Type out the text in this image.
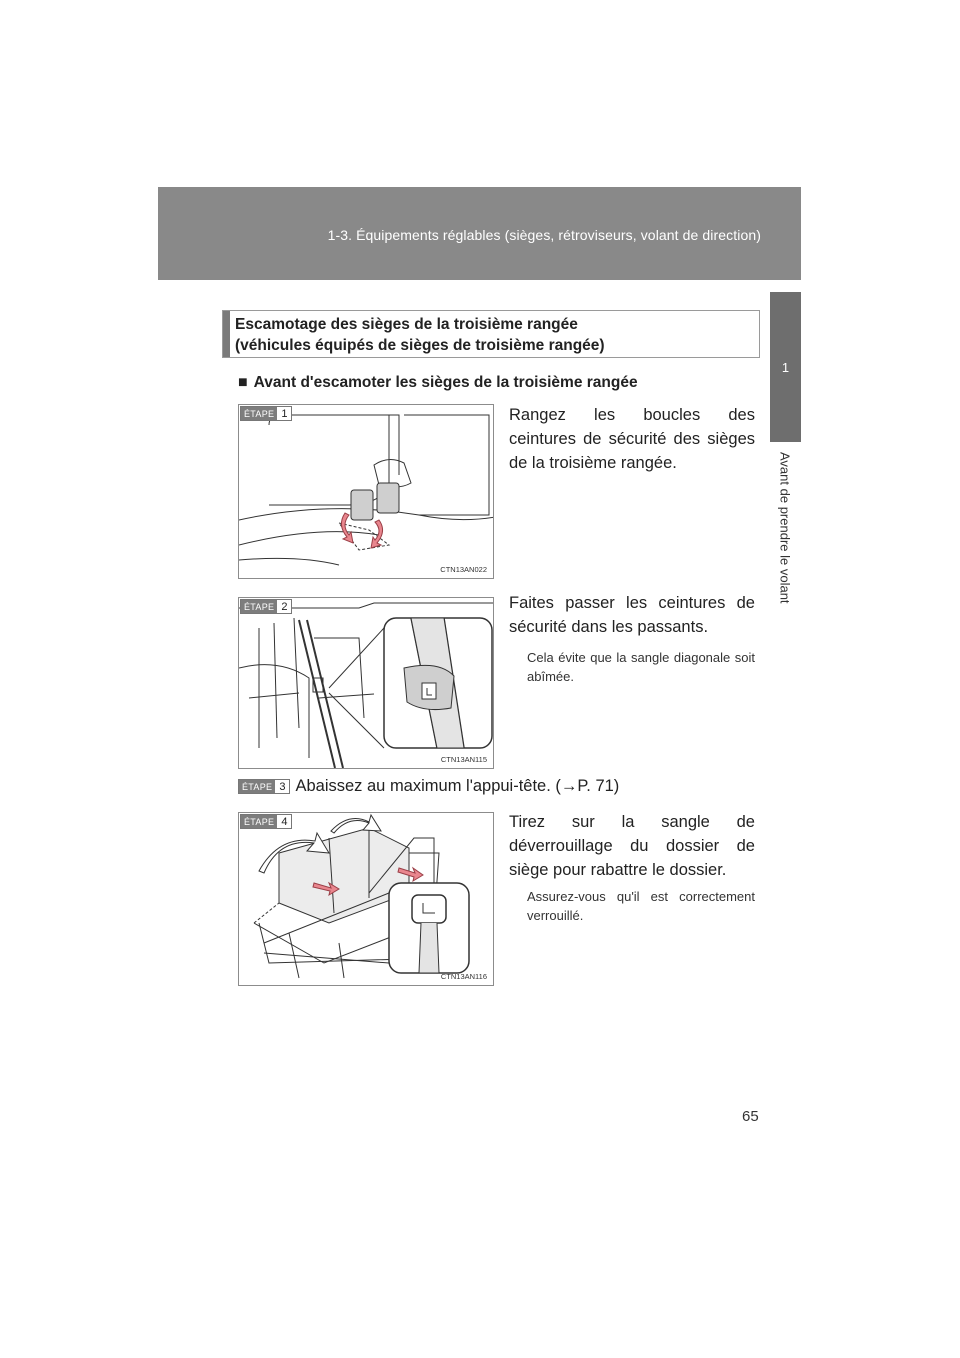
1-3. Équipements réglables (sièges, rétroviseurs, volant de direction)
1
Avant de prendre le volant
Escamotage des sièges de la troisième rangée
(véhicules équipés de sièges de troisième rangée)
■ Avant d'escamoter les sièges de la troisième rangée
ÉTAPE 1
CTN13AN022
Rangez les boucles des ceintures de sécurité des sièges de la troisième rangée.
ÉTAPE 2
CTN13AN115
Faites passer les ceintures de sécurité dans les passants.
Cela évite que la sangle diagonale soit abîmée.
ÉTAPE 3 Abaissez au maximum l'appui-tête. (→P. 71)
ÉTAPE 4
CTN13AN116
Tirez sur la sangle de déverrouillage du dossier de siège pour rabattre le dossier.
Assurez-vous qu'il est correctement verrouillé.
65
